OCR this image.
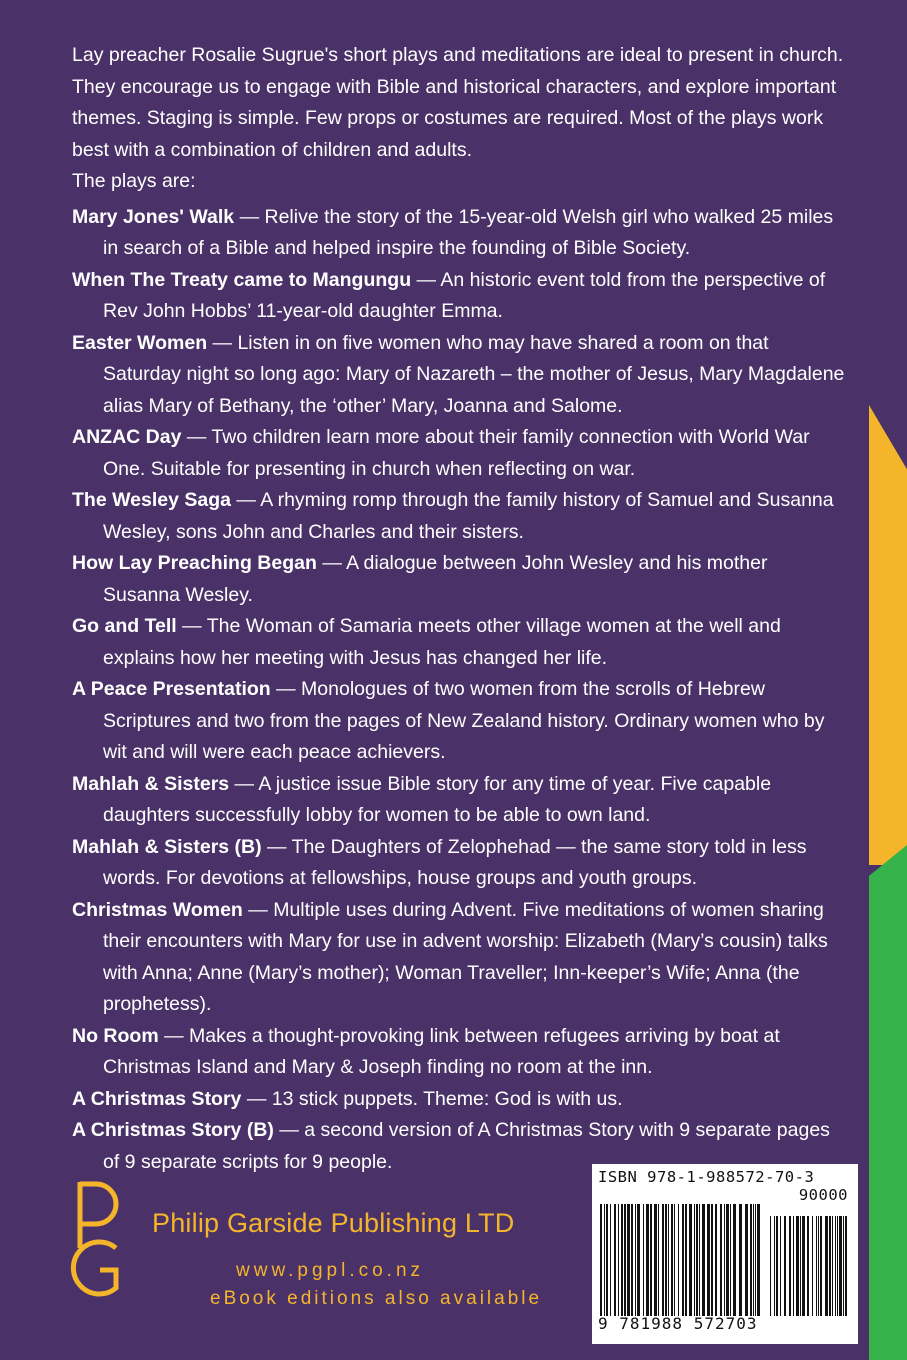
Lay preacher Rosalie Sugrue's short plays and meditations are ideal to present in church. They encourage us to engage with Bible and historical characters, and explore important themes. Staging is simple. Few props or costumes are required. Most of the plays work best with a combination of children and adults.

The plays are:

Mary Jones' Walk — Relive the story of the 15-year-old Welsh girl who walked 25 miles in search of a Bible and helped inspire the founding of Bible Society.
When The Treaty came to Mangungu — An historic event told from the perspective of Rev John Hobbs’ 11-year-old daughter Emma.
Easter Women — Listen in on five women who may have shared a room on that Saturday night so long ago: Mary of Nazareth – the mother of Jesus, Mary Magdalene alias Mary of Bethany, the ‘other’ Mary, Joanna and Salome.
ANZAC Day — Two children learn more about their family connection with World War One. Suitable for presenting in church when reflecting on war.
The Wesley Saga — A rhyming romp through the family history of Samuel and Susanna Wesley, sons John and Charles and their sisters.
How Lay Preaching Began — A dialogue between John Wesley and his mother Susanna Wesley.
Go and Tell — The Woman of Samaria meets other village women at the well and explains how her meeting with Jesus has changed her life.
A Peace Presentation — Monologues of two women from the scrolls of Hebrew Scriptures and two from the pages of New Zealand history. Ordinary women who by wit and will were each peace achievers.
Mahlah & Sisters — A justice issue Bible story for any time of year. Five capable daughters successfully lobby for women to be able to own land.
Mahlah & Sisters (B) — The Daughters of Zelophehad — the same story told in less words. For devotions at fellowships, house groups and youth groups.
Christmas Women — Multiple uses during Advent. Five meditations of women sharing their encounters with Mary for use in advent worship: Elizabeth (Mary’s cousin) talks with Anna; Anne (Mary’s mother); Woman Traveller; Inn-keeper’s Wife; Anna (the prophetess).
No Room — Makes a thought-provoking link between refugees arriving by boat at Christmas Island and Mary & Joseph finding no room at the inn.
A Christmas Story — 13 stick puppets. Theme: God is with us.
A Christmas Story (B) — a second version of A Christmas Story with 9 separate pages of 9 separate scripts for 9 people.
Philip Garside Publishing LTD
www.pgpl.co.nz
eBook editions also available
ISBN 978-1-988572-70-3
90000
9 781988 572703
